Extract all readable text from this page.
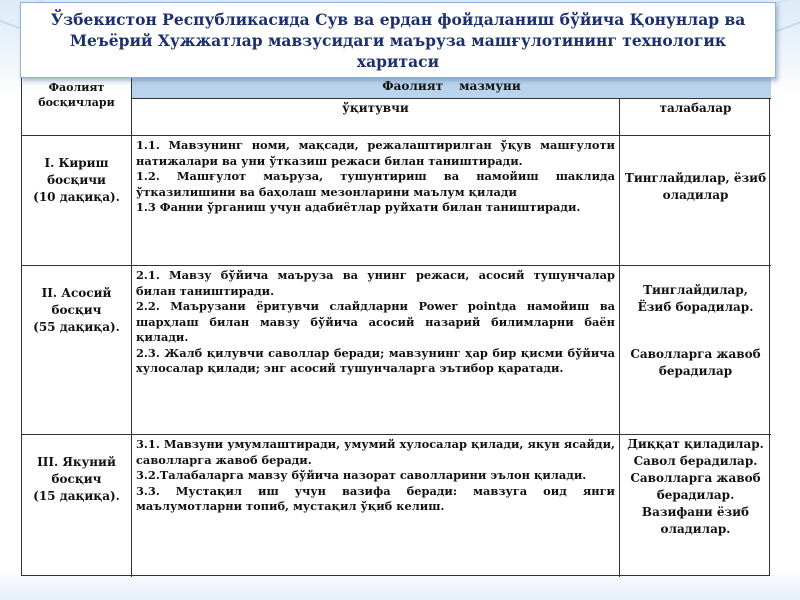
Ўзбекистон Республикасида Сув ва ердан фойдаланиш бўйича Қонунлар ва
Меъёрий Хужжатлар мавзусидаги маъруза машғулотининг технологик
харитаси
Фаолият
босқичлари
Фаолият мазмуни
ўқитувчи	талабалар
I. Кириш
босқичи
(10 дақиқа).

1.1. Мавзунинг номи, мақсади, режалаштирилган ўқув машғулоти натижалари ва уни ўтказиш режаси билан таништиради.

1.2. Машғулот маъруза, тушунтириш ва намойиш шаклида ўтказилишини ва баҳолаш мезонларини маълум қилади

1.3 Фанни ўрганиш учун адабиётлар руйхати билан таништиради.

Тинглайдилар, ёзиб оладилар

II. Асосий
босқич
(55 дақиқа).

2.1. Мавзу бўйича маъруза ва унинг режаси, асосий тушунчалар билан таништиради.

2.2. Маърузани ёритувчи слайдларни Power pointда намойиш ва шарҳлаш билан мавзу бўйича асосий назарий билимларни баён қилади.

2.3. Жалб қилувчи саволлар беради; мавзунинг ҳар бир қисми бўйича хулосалар қилади; энг асосий тушунчаларга эътибор қаратади.

Тинглайдилар,

Ёзиб борадилар.

Саволларга жавоб берадилар

III. Якуний
босқич
(15 дақиқа).

3.1. Мавзуни умумлаштиради, умумий хулосалар қилади, якун ясайди, саволларга жавоб беради.

3.2.Талабаларга мавзу бўйича назорат саволларини эълон қилади.

3.3. Мустақил иш учун вазифа беради: мавзуга оид янги маълумотларни топиб, мустақил ўқиб келиш.

Диққат қиладилар.

Савол берадилар.

Саволларга жавоб берадилар.

Вазифани ёзиб оладилар.
